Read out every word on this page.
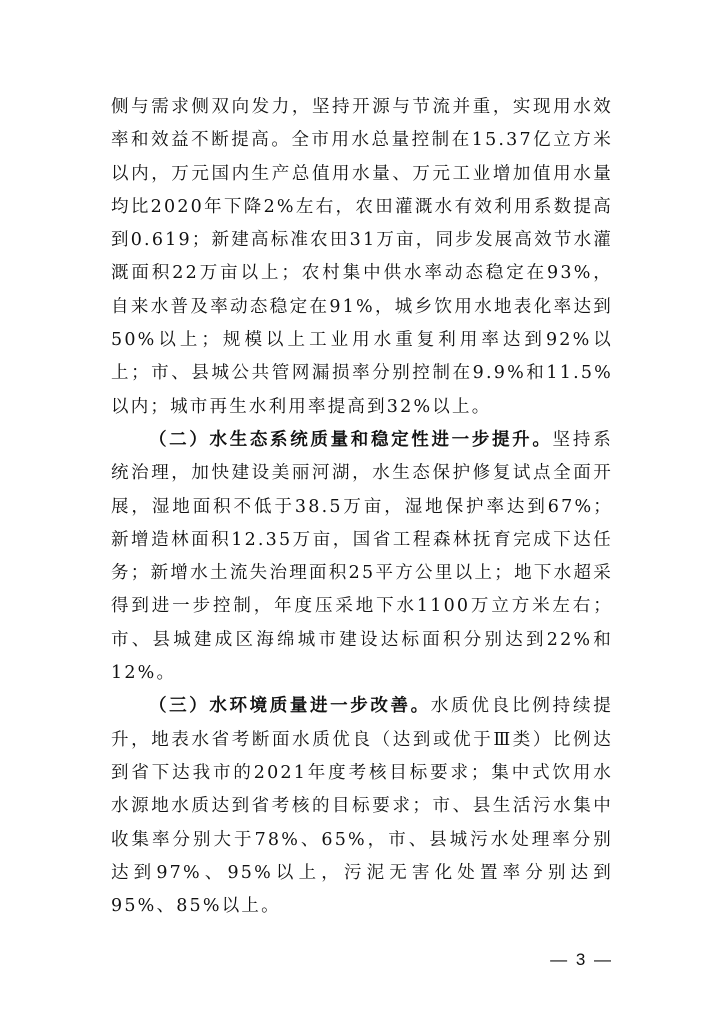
侧与需求侧双向发力，坚持开源与节流并重，实现用水效率和效益不断提高。全市用水总量控制在15.37亿立方米以内，万元国内生产总值用水量、万元工业增加值用水量均比2020年下降2%左右，农田灌溉水有效利用系数提高到0.619；新建高标准农田31万亩，同步发展高效节水灌溉面积22万亩以上；农村集中供水率动态稳定在93%，自来水普及率动态稳定在91%，城乡饮用水地表化率达到50%以上；规模以上工业用水重复利用率达到92%以上；市、县城公共管网漏损率分别控制在9.9%和11.5%以内；城市再生水利用率提高到32%以上。

（二）水生态系统质量和稳定性进一步提升。坚持系统治理，加快建设美丽河湖，水生态保护修复试点全面开展，湿地面积不低于38.5万亩，湿地保护率达到67%；新增造林面积12.35万亩，国省工程森林抚育完成下达任务；新增水土流失治理面积25平方公里以上；地下水超采得到进一步控制，年度压采地下水1100万立方米左右；市、县城建成区海绵城市建设达标面积分别达到22%和12%。

（三）水环境质量进一步改善。水质优良比例持续提升，地表水省考断面水质优良（达到或优于Ⅲ类）比例达到省下达我市的2021年度考核目标要求；集中式饮用水水源地水质达到省考核的目标要求；市、县生活污水集中收集率分别大于78%、65%，市、县城污水处理率分别达到97%、95%以上，污泥无害化处置率分别达到95%、85%以上。

— 3 —
